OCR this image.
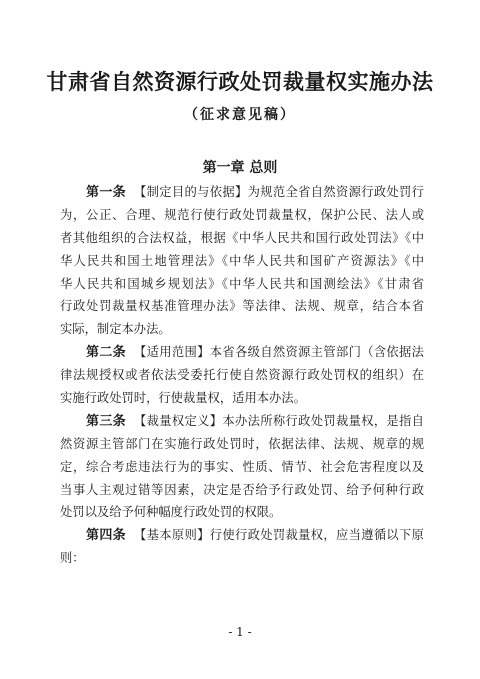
甘肃省自然资源行政处罚裁量权实施办法
（征求意见稿）
第一章 总则
第一条 【制定目的与依据】为规范全省自然资源行政处罚行
为，公正、合理、规范行使行政处罚裁量权，保护公民、法人或
者其他组织的合法权益，根据《中华人民共和国行政处罚法》《中
华人民共和国土地管理法》《中华人民共和国矿产资源法》《中
华人民共和国城乡规划法》《中华人民共和国测绘法》《甘肃省
行政处罚裁量权基准管理办法》等法律、法规、规章，结合本省
实际，制定本办法。
第二条 【适用范围】本省各级自然资源主管部门（含依据法
律法规授权或者依法受委托行使自然资源行政处罚权的组织）在
实施行政处罚时，行使裁量权，适用本办法。
第三条 【裁量权定义】本办法所称行政处罚裁量权，是指自
然资源主管部门在实施行政处罚时，依据法律、法规、规章的规
定，综合考虑违法行为的事实、性质、情节、社会危害程度以及
当事人主观过错等因素，决定是否给予行政处罚、给予何种行政
处罚以及给予何种幅度行政处罚的权限。
第四条 【基本原则】行使行政处罚裁量权，应当遵循以下原
则：
- 1 -
